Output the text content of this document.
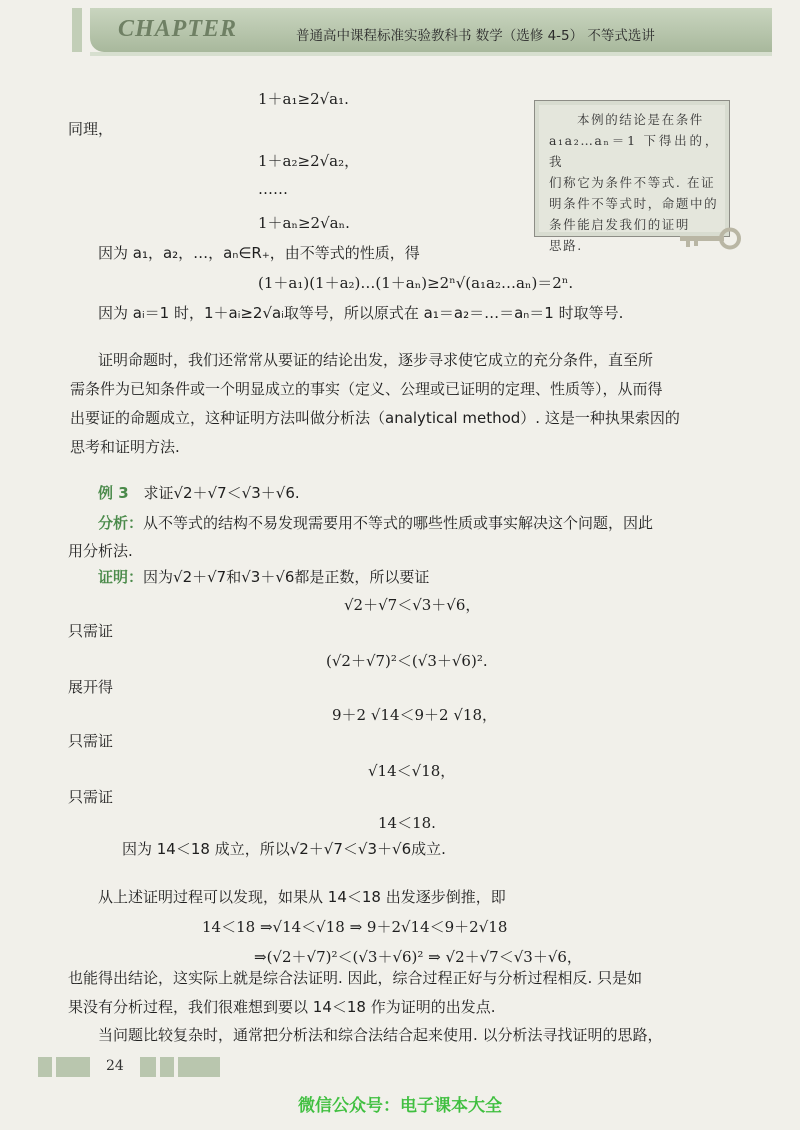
CHAPTER	普通高中课程标准实验教科书 数学（选修 4-5） 不等式选讲
本例的结论是在条件
a₁a₂…aₙ＝1 下得出的，我
们称它为条件不等式. 在证
明条件不等式时，命题中的
条件能启发我们的证明
思路.
1＋a₁≥2√a₁.
同理，
1＋a₂≥2√a₂，
……
1＋aₙ≥2√aₙ.
因为 a₁，a₂，…，aₙ∈R₊，由不等式的性质，得
(1＋a₁)(1＋a₂)…(1＋aₙ)≥2ⁿ√(a₁a₂…aₙ)＝2ⁿ.
因为 aᵢ＝1 时，1＋aᵢ≥2√aᵢ取等号，所以原式在 a₁＝a₂＝…＝aₙ＝1 时取等号.
证明命题时，我们还常常从要证的结论出发，逐步寻求使它成立的充分条件，直至所
需条件为已知条件或一个明显成立的事实（定义、公理或已证明的定理、性质等），从而得
出要证的命题成立，这种证明方法叫做分析法（analytical method）. 这是一种执果索因的
思考和证明方法.
例 3 求证√2＋√7＜√3＋√6.
分析：从不等式的结构不易发现需要用不等式的哪些性质或事实解决这个问题，因此
用分析法.
证明：因为√2＋√7和√3＋√6都是正数，所以要证
√2＋√7＜√3＋√6，
只需证
(√2＋√7)²＜(√3＋√6)².
展开得
9＋2 √14＜9＋2 √18，
只需证
√14＜√18，
只需证
14＜18.
因为 14＜18 成立，所以√2＋√7＜√3＋√6成立.
从上述证明过程可以发现，如果从 14＜18 出发逐步倒推，即
14＜18 ⇒√14＜√18 ⇒ 9＋2√14＜9＋2√18
⇒(√2＋√7)²＜(√3＋√6)² ⇒ √2＋√7＜√3＋√6，
也能得出结论，这实际上就是综合法证明. 因此，综合过程正好与分析过程相反. 只是如
果没有分析过程，我们很难想到要以 14＜18 作为证明的出发点.
当问题比较复杂时，通常把分析法和综合法结合起来使用. 以分析法寻找证明的思路，
24
微信公众号：电子课本大全
